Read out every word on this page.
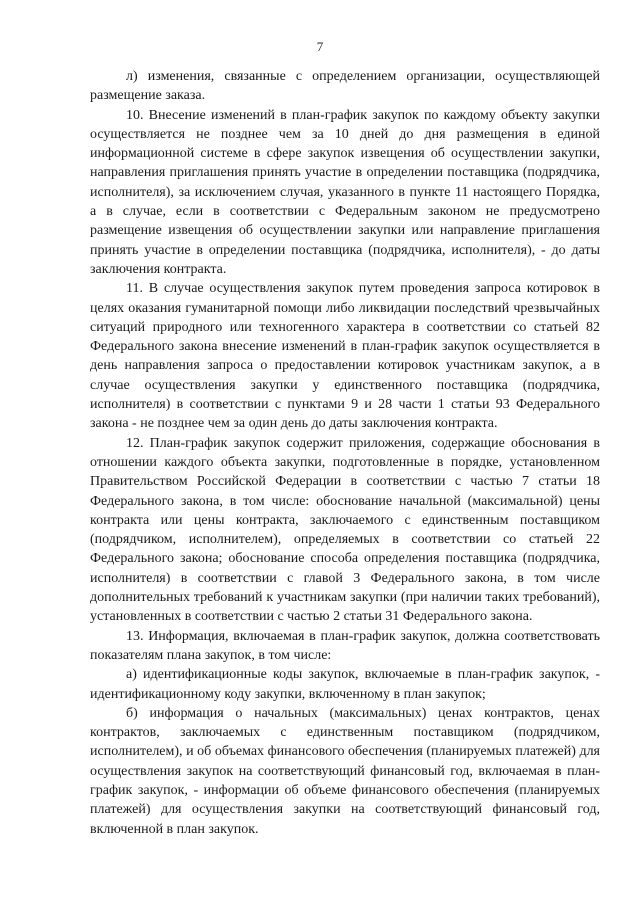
7

л) изменения, связанные с определением организации, осуществляющей размещение заказа.

10. Внесение изменений в план-график закупок по каждому объекту закупки осуществляется не позднее чем за 10 дней до дня размещения в единой информационной системе в сфере закупок извещения об осуществлении закупки, направления приглашения принять участие в определении поставщика (подрядчика, исполнителя), за исключением случая, указанного в пункте 11 настоящего Порядка, а в случае, если в соответствии с Федеральным законом не предусмотрено размещение извещения об осуществлении закупки или направление приглашения принять участие в определении поставщика (подрядчика, исполнителя), - до даты заключения контракта.

11. В случае осуществления закупок путем проведения запроса котировок в целях оказания гуманитарной помощи либо ликвидации последствий чрезвычайных ситуаций природного или техногенного характера в соответствии со статьей 82 Федерального закона внесение изменений в план-график закупок осуществляется в день направления запроса о предоставлении котировок участникам закупок, а в случае осуществления закупки у единственного поставщика (подрядчика, исполнителя) в соответствии с пунктами 9 и 28 части 1 статьи 93 Федерального закона - не позднее чем за один день до даты заключения контракта.

12. План-график закупок содержит приложения, содержащие обоснования в отношении каждого объекта закупки, подготовленные в порядке, установленном Правительством Российской Федерации в соответствии с частью 7 статьи 18 Федерального закона, в том числе: обоснование начальной (максимальной) цены контракта или цены контракта, заключаемого с единственным поставщиком (подрядчиком, исполнителем), определяемых в соответствии со статьей 22 Федерального закона; обоснование способа определения поставщика (подрядчика, исполнителя) в соответствии с главой 3 Федерального закона, в том числе дополнительных требований к участникам закупки (при наличии таких требований), установленных в соответствии с частью 2 статьи 31 Федерального закона.

13. Информация, включаемая в план-график закупок, должна соответствовать показателям плана закупок, в том числе:

а) идентификационные коды закупок, включаемые в план-график закупок, - идентификационному коду закупки, включенному в план закупок;

б) информация о начальных (максимальных) ценах контрактов, ценах контрактов, заключаемых с единственным поставщиком (подрядчиком, исполнителем), и об объемах финансового обеспечения (планируемых платежей) для осуществления закупок на соответствующий финансовый год, включаемая в план-график закупок, - информации об объеме финансового обеспечения (планируемых платежей) для осуществления закупки на соответствующий финансовый год, включенной в план закупок.
